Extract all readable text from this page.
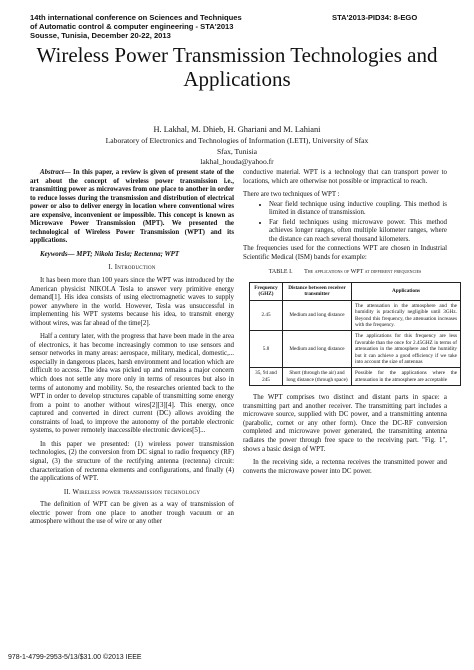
14th international conference on Sciences and Techniques
of Automatic control & computer engineering - STA'2013
Sousse, Tunisia, December 20-22, 2013
STA'2013-PID34: 8-EGO
Wireless Power Transmission Technologies and Applications
H. Lakhal, M. Dhieb, H. Ghariani and M. Lahiani
Laboratory of Electronics and Technologies of Information (LETI), University of Sfax
Sfax, Tunisia
lakhal_houda@yahoo.fr

Abstract— In this paper, a review is given of present state of the art about the concept of wireless power transmission i.e., transmitting power as microwaves from one place to another in order to reduce losses during the transmission and distribution of electrical power or also to deliver energy in location where conventional wires are expensive, inconvenient or impossible. This concept is known as Microwave Power Transmission (MPT). We presented the technological of Wireless Power Transmission (WPT) and its applications.

Keywords— MPT; Nikola Tesla; Rectenna; WPT

I. Introduction

It has been more than 100 years since the WPT was introduced by the American physicist NIKOLA Tesla to answer very primitive energy demand[1]. His idea consists of using electromagnetic waves to supply power anywhere in the world. However, Tesla was unsuccessful in implementing his WPT systems because his idea, to transmit energy without wires, was far ahead of the time[2].

Half a century later, with the progress that have been made in the area of electronics, it has become increasingly common to use sensors and sensor networks in many areas: aerospace, military, medical, domestic,... especially in dangerous places, harsh environment and location which are difficult to access. The idea was picked up and remains a major concern which does not settle any more only in terms of resources but also in terms of autonomy and mobility. So, the researches oriented back to the WPT in order to develop structures capable of transmitting some energy from a point to another without wires[2][3][4]. This energy, once captured and converted in direct current (DC) allows avoiding the constraints of load, to improve the autonomy of the portable electronic systems, to power remotely inaccessible electronic devices[5]...

In this paper we presented: (1) wireless power transmission technologies, (2) the conversion from DC signal to radio frequency (RF) signal, (3) the structure of the rectifying antenna (rectenna) circuit: characterization of rectenna elements and configurations, and finally (4) the applications of WPT.

II. Wireless power transmission technology

The definition of WPT can be given as a way of transmission of electric power from one place to another trough vacuum or an atmosphere without the use of wire or any other

conductive material. WPT is a technology that can transport power to locations, which are otherwise not possible or impractical to reach.

There are two techniques of WPT :
• Near field technique using inductive coupling. This method is limited in distance of transmission.
• Far field techniques using microwave power. This method achieves longer ranges, often multiple kilometer ranges, where the distance can reach several thousand kilometers.

The frequencies used for the connections WPT are chosen in Industrial Scientific Medical (ISM) bands for example:

TABLE I. The applications of WPT at different frequencies
Frequency (GHZ)	Distance between receiver transmitter	Applications
2.45	Medium and long distance	The attenuation in the atmosphere and the humidity is practically negligible until 3GHz. Beyond this frequency, the attenuation increases with the frequency.
5.8	Medium and long distance	The applications for this frequency are less favorable than the once for 2.45GHZ in terms of attenuation in the atmosphere and the humidity but it can achieve a good efficiency if we take into account the size of antennas
35, 94 and 245	Short (through the air) and long distance (through space)	Possible for the applications where the attenuation in the atmosphere are acceptable

The WPT comprises two distinct and distant parts in space: a transmitting part and another receiver. The transmitting part includes a microwave source, supplied with DC power, and a transmitting antenna (parabolic, cornet or any other form). Once the DC-RF conversion completed and microwave power generated, the transmitting antenna radiates the power through free space to the receiving part. "Fig. 1", shows a basic design of WPT.

In the receiving side, a rectenna receives the transmitted power and converts the microwave power into DC power.

978-1-4799-2953-5/13/$31.00 ©2013 IEEE
